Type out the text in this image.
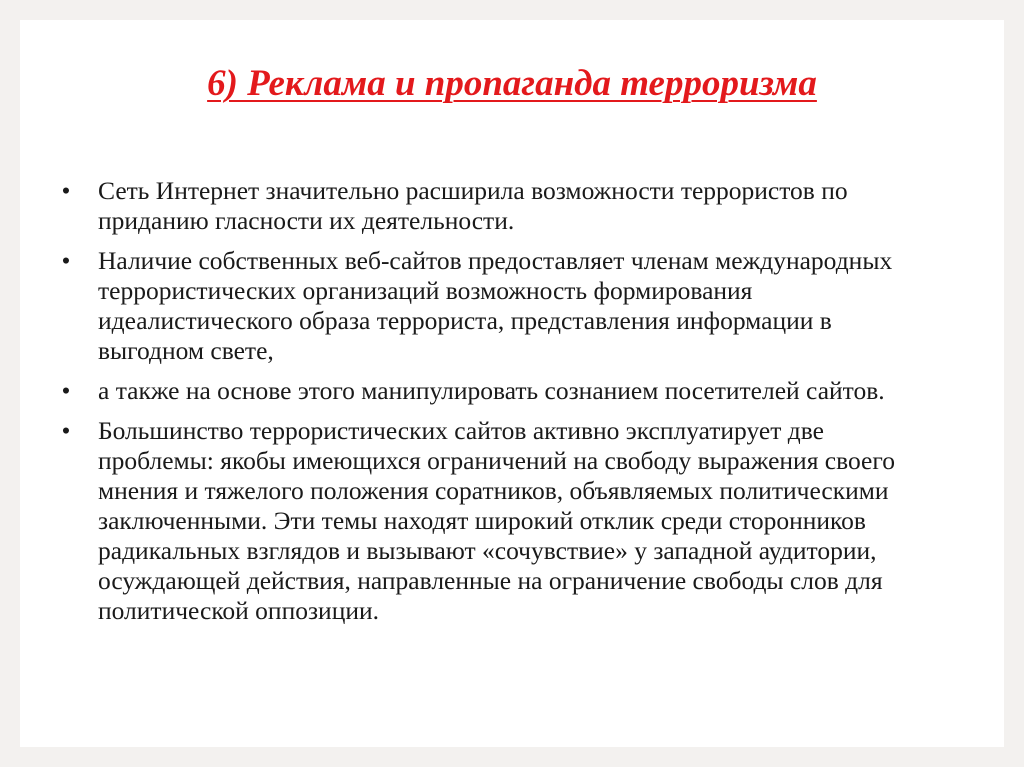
6) Реклама и пропаганда терроризма
• Сеть Интернет значительно расширила возможности террористов по приданию гласности их деятельности.
• Наличие собственных веб-сайтов предоставляет членам международных террористических организаций возможность формирования идеалистического образа террориста, представления информации в выгодном свете,
• а также на основе этого манипулировать сознанием посетителей сайтов.
• Большинство террористических сайтов активно эксплуатирует две проблемы: якобы имеющихся ограничений на свободу выражения своего мнения и тяжелого положения соратников, объявляемых политическими заключенными. Эти темы находят широкий отклик среди сторонников радикальных взглядов и вызывают «сочувствие» у западной аудитории, осуждающей действия, направленные на ограничение свободы слов для политической оппозиции.
